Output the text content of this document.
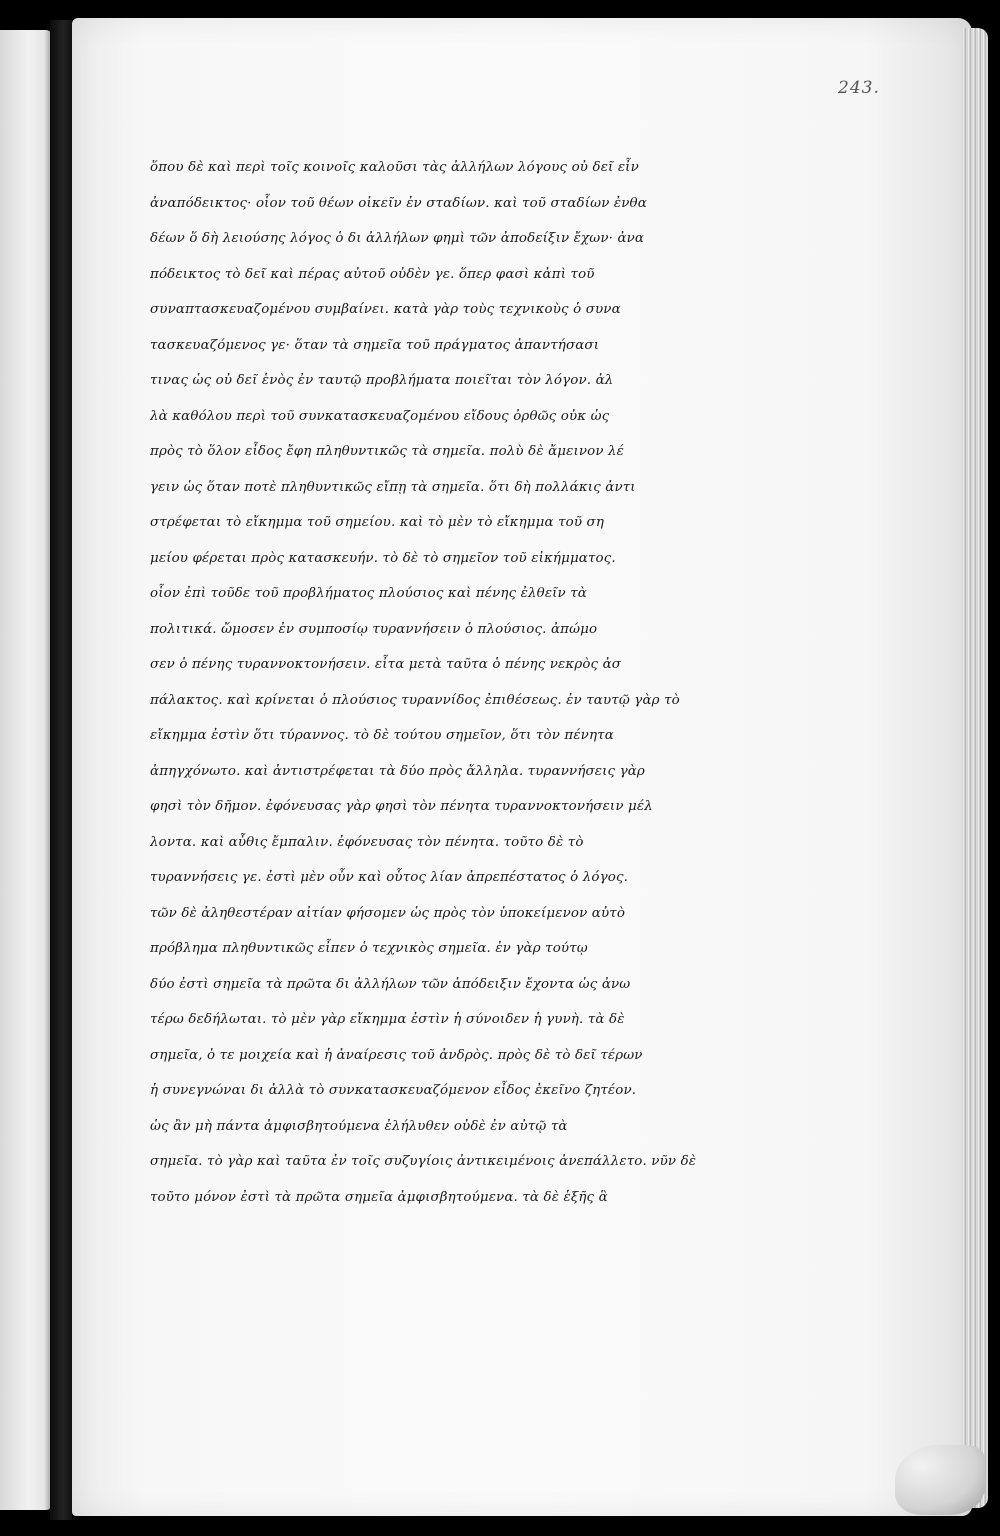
243.
ὅπου δὲ καὶ περὶ τοῖς κοινοῖς καλοῦσι τὰς ἀλλήλων λόγους οὐ δεῖ εἶν
ἀναπόδεικτος· οἷον τοῦ θέων οἰκεῖν ἐν σταδίων. καὶ τοῦ σταδίων ἐνθα
δέων ὅ δὴ λειούσης λόγος ὁ δι ἀλλήλων φημὶ τῶν ἀποδείξιν ἔχων· ἀνα
πόδεικτος τὸ δεῖ καὶ πέρας αὐτοῦ οὐδὲν γε. ὅπερ φασὶ κἀπὶ τοῦ
συναπτασκευαζομένου συμβαίνει. κατὰ γὰρ τοὺς τεχνικοὺς ὁ συνα
τασκευαζόμενος γε· ὅταν τὰ σημεῖα τοῦ πράγματος ἀπαντήσασι
τινας ὡς οὐ δεῖ ἑνὸς ἐν ταυτῷ προβλήματα ποιεῖται τὸν λόγον. ἀλ
λὰ καθόλου περὶ τοῦ συνκατασκευαζομένου εἴδους ὀρθῶς οὐκ ὡς
πρὸς τὸ ὅλον εἶδος ἔφη πληθυντικῶς τὰ σημεῖα. πολὺ δὲ ἄμεινον λέ
γειν ὡς ὅταν ποτὲ πληθυντικῶς εἴπῃ τὰ σημεῖα. ὅτι δὴ πολλάκις ἀντι
στρέφεται τὸ εἴκημμα τοῦ σημείου. καὶ τὸ μὲν τὸ εἴκημμα τοῦ ση
μείου φέρεται πρὸς κατασκευήν. τὸ δὲ τὸ σημεῖον τοῦ εἰκήμματος.
οἷον ἐπὶ τοῦδε τοῦ προβλήματος πλούσιος καὶ πένης ἐλθεῖν τὰ
πολιτικά. ὤμοσεν ἐν συμποσίῳ τυραννήσειν ὁ πλούσιος. ἀπώμο
σεν ὁ πένης τυραννοκτονήσειν. εἶτα μετὰ ταῦτα ὁ πένης νεκρὸς ἀσ
πάλακτος. καὶ κρίνεται ὁ πλούσιος τυραννίδος ἐπιθέσεως. ἐν ταυτῷ γὰρ τὸ
εἴκημμα ἐστὶν ὅτι τύραννος. τὸ δὲ τούτου σημεῖον, ὅτι τὸν πένητα
ἀπηγχόνωτο. καὶ ἀντιστρέφεται τὰ δύο πρὸς ἄλληλα. τυραννήσεις γὰρ
φησὶ τὸν δῆμον. ἐφόνευσας γὰρ φησὶ τὸν πένητα τυραννοκτονήσειν μέλ
λοντα. καὶ αὖθις ἔμπαλιν. ἐφόνευσας τὸν πένητα. τοῦτο δὲ τὸ
τυραννήσεις γε. ἐστὶ μὲν οὖν καὶ οὗτος λίαν ἀπρεπέστατος ὁ λόγος.
τῶν δὲ ἀληθεστέραν αἰτίαν φήσομεν ὡς πρὸς τὸν ὑποκείμενον αὐτὸ
πρόβλημα πληθυντικῶς εἶπεν ὁ τεχνικὸς σημεῖα. ἐν γὰρ τούτῳ
δύο ἐστὶ σημεῖα τὰ πρῶτα δι ἀλλήλων τῶν ἀπόδειξιν ἔχοντα ὡς ἀνω
τέρω δεδήλωται. τὸ μὲν γὰρ εἴκημμα ἐστὶν ἡ σύνοιδεν ἡ γυνὴ. τὰ δὲ
σημεῖα, ὁ τε μοιχεία καὶ ἡ ἀναίρεσις τοῦ ἀνδρὸς. πρὸς δὲ τὸ δεῖ τέρων
ἡ συνεγνώναι δι ἀλλὰ τὸ συνκατασκευαζόμενον εἶδος ἐκεῖνο ζητέον.
ὡς ἂν μὴ πάντα ἀμφισβητούμενα ἐλήλυθεν οὐδὲ ἐν αὐτῷ τὰ
σημεῖα. τὸ γὰρ καὶ ταῦτα ἐν τοῖς συζυγίοις ἀντικειμένοις ἀνεπάλλετο. νῦν δὲ
τοῦτο μόνον ἐστὶ τὰ πρῶτα σημεῖα ἀμφισβητούμενα. τὰ δὲ ἑξῆς ἃ
